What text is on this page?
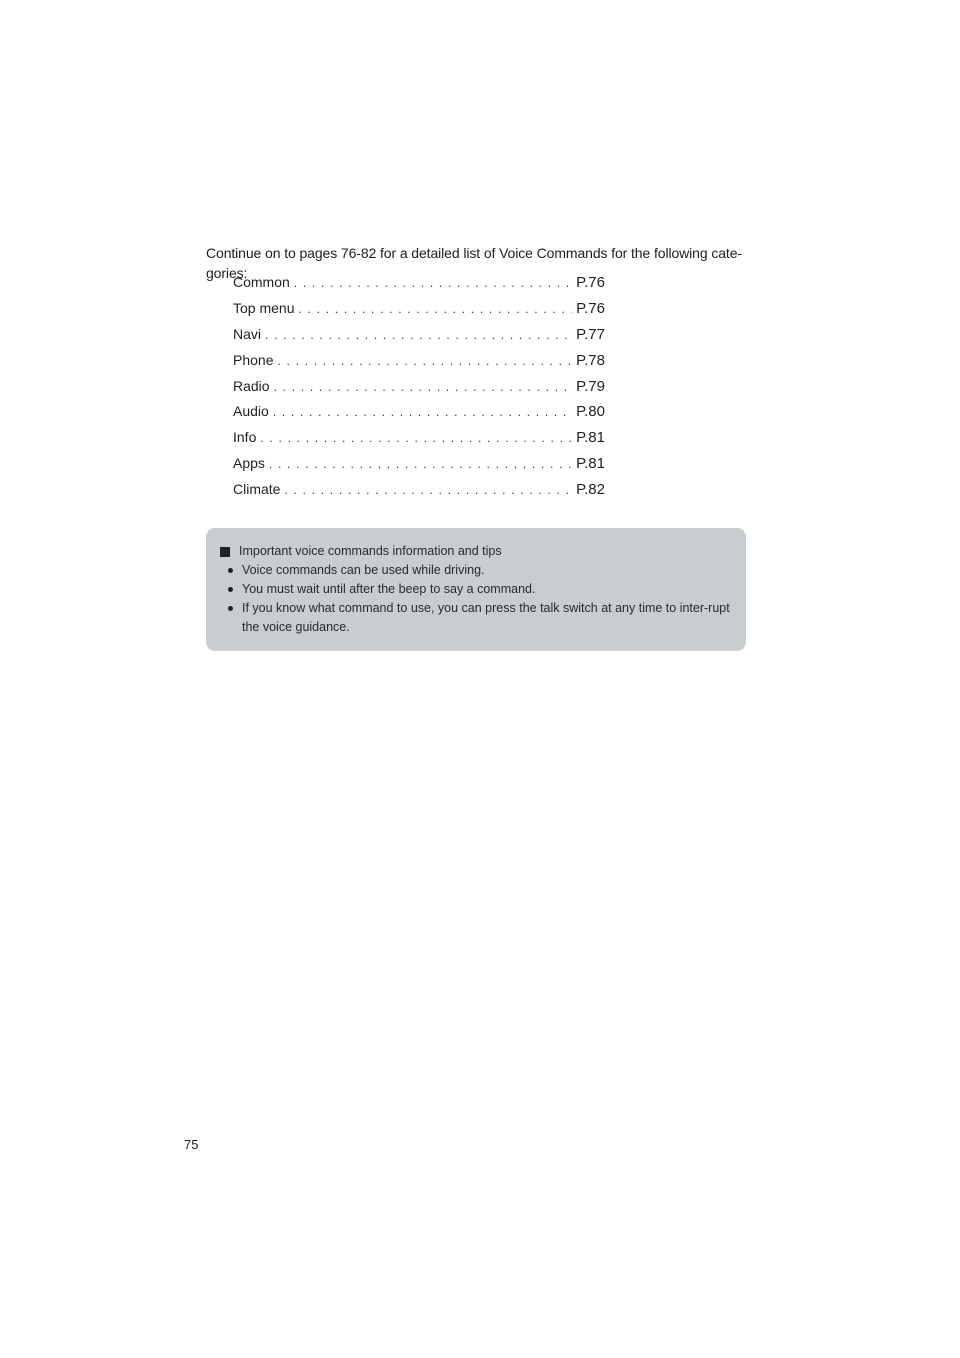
Continue on to pages 76-82 for a detailed list of Voice Commands for the following cate-gories:

Common . . .	P.76
Top menu . . .	P.76
Navi . . .	P.77
Phone . . .	P.78
Radio . . .	P.79
Audio . . .	P.80
Info . . .	P.81
Apps . . .	P.81
Climate . . .	P.82
Important voice commands information and tips
Voice commands can be used while driving.
You must wait until after the beep to say a command.
If you know what command to use, you can press the talk switch at any time to inter-rupt the voice guidance.
75
